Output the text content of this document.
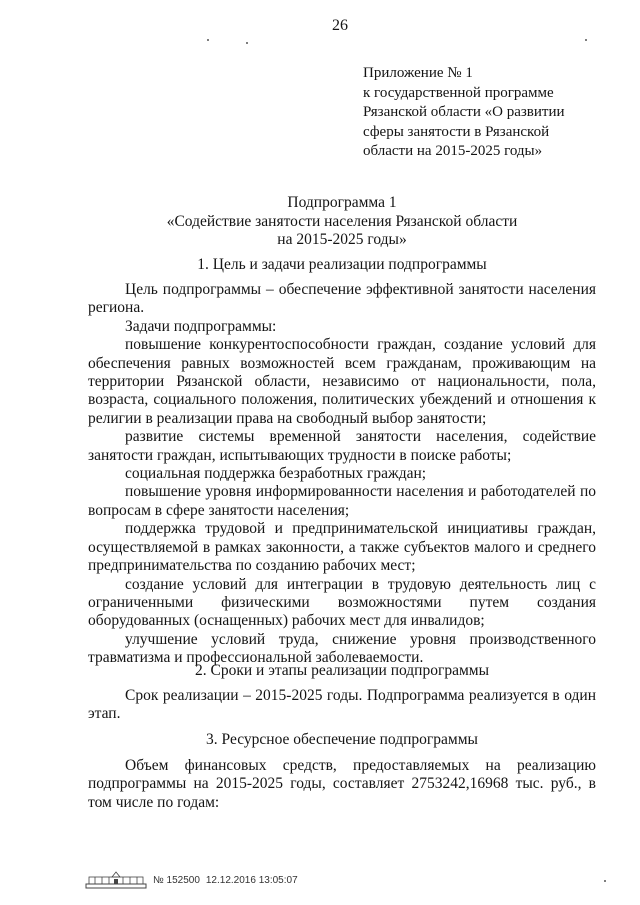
26
Приложение № 1
к государственной программе
Рязанской области «О развитии
сферы занятости в Рязанской
области на 2015-2025 годы»
Подпрограмма 1
«Содействие занятости населения Рязанской области
на 2015-2025 годы»
1. Цель и задачи реализации подпрограммы

Цель подпрограммы – обеспечение эффективной занятости населения региона.

Задачи подпрограммы:

повышение конкурентоспособности граждан, создание условий для обеспечения равных возможностей всем гражданам, проживающим на территории Рязанской области, независимо от национальности, пола, возраста, социального положения, политических убеждений и отношения к религии в реализации права на свободный выбор занятости;

развитие системы временной занятости населения, содействие занятости граждан, испытывающих трудности в поиске работы;

социальная поддержка безработных граждан;

повышение уровня информированности населения и работодателей по вопросам в сфере занятости населения;

поддержка трудовой и предпринимательской инициативы граждан, осуществляемой в рамках законности, а также субъектов малого и среднего предпринимательства по созданию рабочих мест;

создание условий для интеграции в трудовую деятельность лиц с ограниченными физическими возможностями путем создания оборудованных (оснащенных) рабочих мест для инвалидов;

улучшение условий труда, снижение уровня производственного травматизма и профессиональной заболеваемости.

2. Сроки и этапы реализации подпрограммы

Срок реализации – 2015-2025 годы. Подпрограмма реализуется в один этап.

3. Ресурсное обеспечение подпрограммы

Объем финансовых средств, предоставляемых на реализацию подпрограммы на 2015-2025 годы, составляет 2753242,16968 тыс. руб., в том числе по годам:

№ 152500 12.12.2016 13:05:07
